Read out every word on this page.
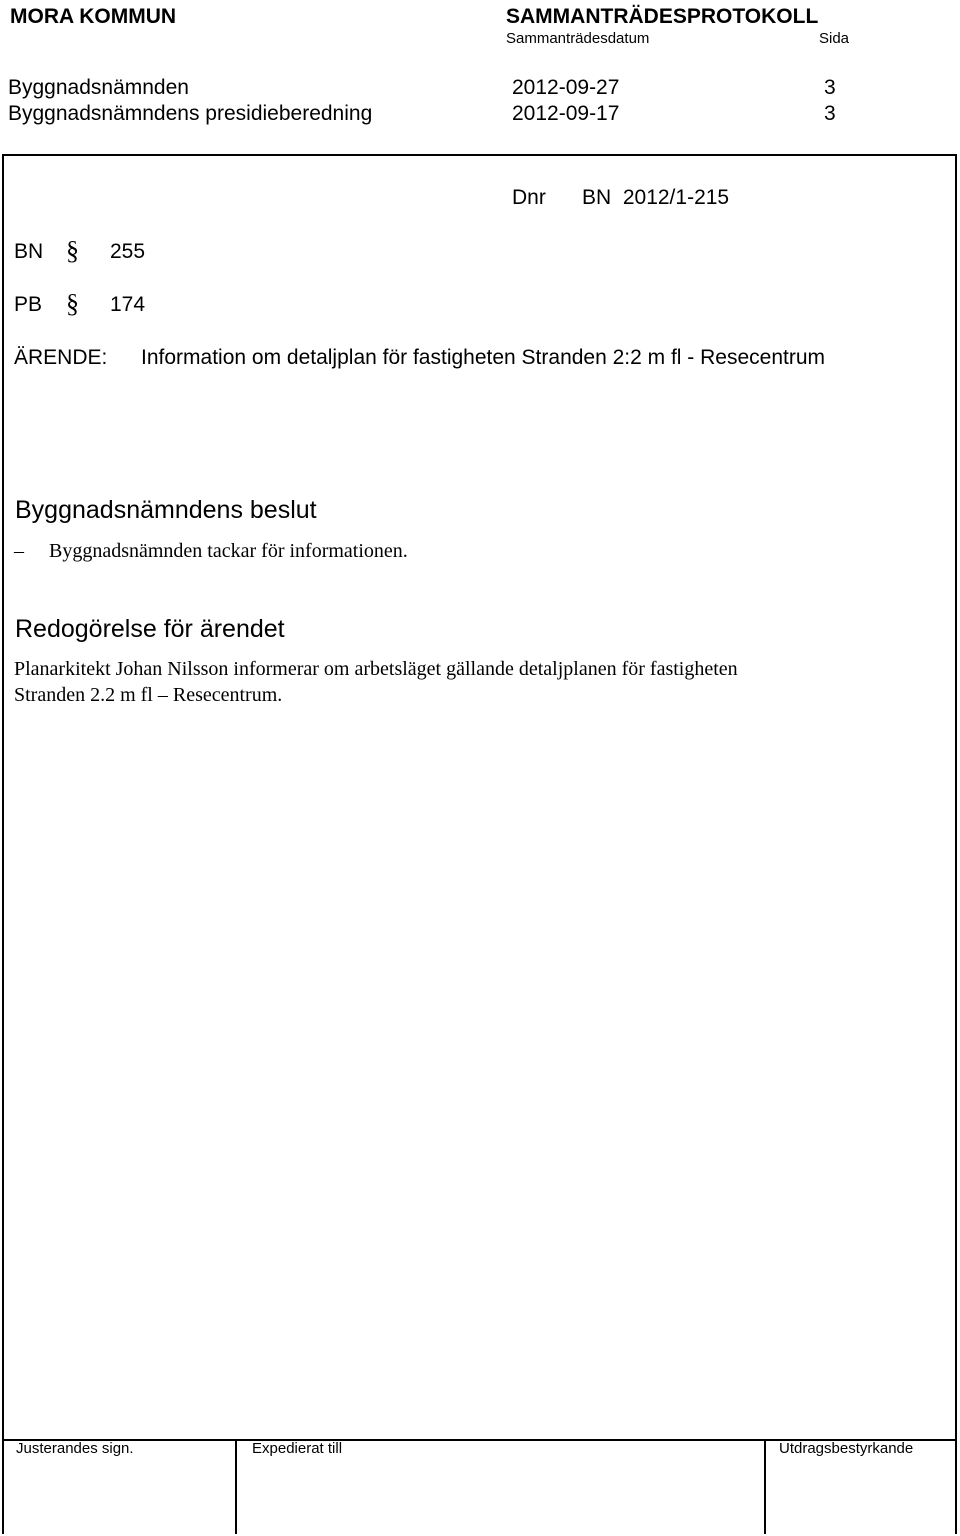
MORA KOMMUN	SAMMANTRÄDESPROTOKOLL
Sammanträdesdatum	Sida
Byggnadsnämnden	2012-09-27	3
Byggnadsnämndens presidieberedning	2012-09-17	3
Dnr BN  2012/1-215
BN § 255
PB § 174
ÄRENDE: Information om detaljplan för fastigheten Stranden 2:2 m fl - Resecentrum
Byggnadsnämndens beslut
– Byggnadsnämnden tackar för informationen.
Redogörelse för ärendet
Planarkitekt Johan Nilsson informerar om arbetsläget gällande detaljplanen för fastigheten
Stranden 2.2 m fl – Resecentrum.
Justerandes sign.	Expedierat till	Utdragsbestyrkande
